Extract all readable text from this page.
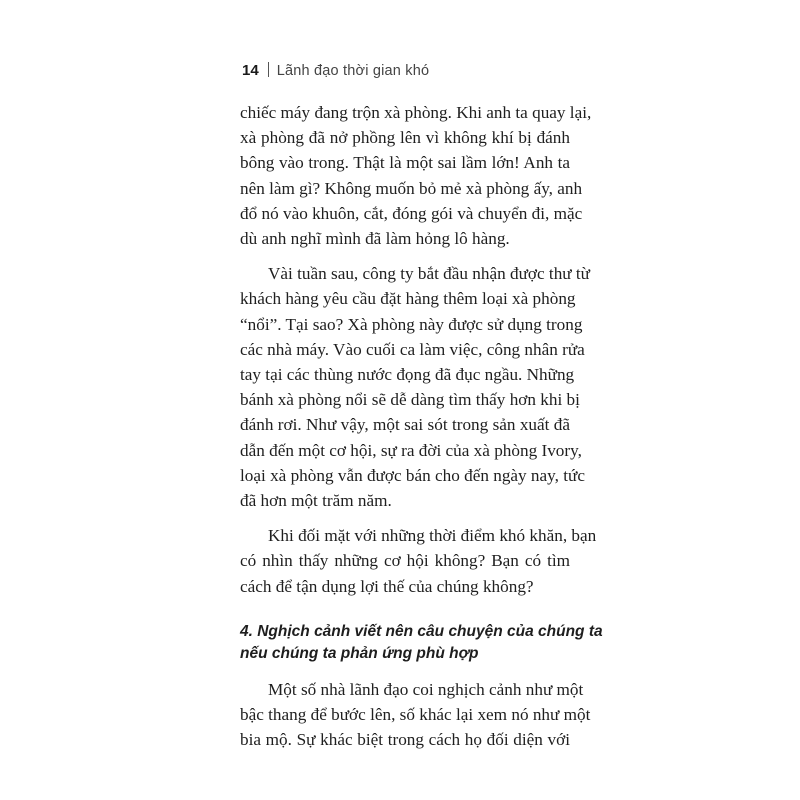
14 Lãnh đạo thời gian khó

chiếc máy đang trộn xà phòng. Khi anh ta quay lại,
xà phòng đã nở phồng lên vì không khí bị đánh
bông vào trong. Thật là một sai lầm lớn! Anh ta
nên làm gì? Không muốn bỏ mẻ xà phòng ấy, anh
đổ nó vào khuôn, cắt, đóng gói và chuyển đi, mặc
dù anh nghĩ mình đã làm hỏng lô hàng.

Vài tuần sau, công ty bắt đầu nhận được thư từ
khách hàng yêu cầu đặt hàng thêm loại xà phòng
“nổi”. Tại sao? Xà phòng này được sử dụng trong
các nhà máy. Vào cuối ca làm việc, công nhân rửa
tay tại các thùng nước đọng đã đục ngầu. Những
bánh xà phòng nổi sẽ dễ dàng tìm thấy hơn khi bị
đánh rơi. Như vậy, một sai sót trong sản xuất đã
dẫn đến một cơ hội, sự ra đời của xà phòng Ivory,
loại xà phòng vẫn được bán cho đến ngày nay, tức
đã hơn một trăm năm.

Khi đối mặt với những thời điểm khó khăn, bạn
có nhìn thấy những cơ hội không? Bạn có tìm
cách để tận dụng lợi thế của chúng không?

4. Nghịch cảnh viết nên câu chuyện của chúng ta
nếu chúng ta phản ứng phù hợp

Một số nhà lãnh đạo coi nghịch cảnh như một
bậc thang để bước lên, số khác lại xem nó như một
bia mộ. Sự khác biệt trong cách họ đối diện với
